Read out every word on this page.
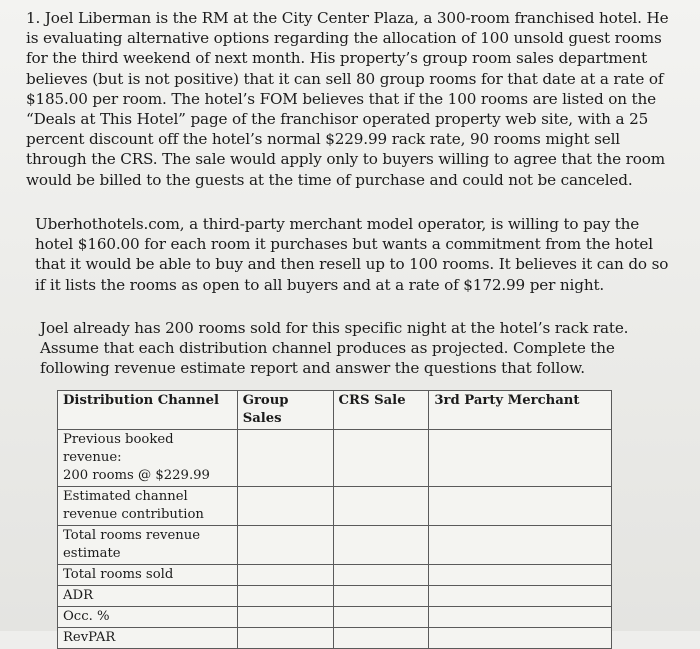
1. Joel Liberman is the RM at the City Center Plaza, a 300-room franchised hotel. He
is evaluating alternative options regarding the allocation of 100 unsold guest rooms
for the third weekend of next month. His property’s group room sales department
believes (but is not positive) that it can sell 80 group rooms for that date at a rate of
$185.00 per room. The hotel’s FOM believes that if the 100 rooms are listed on the
“Deals at This Hotel” page of the franchisor operated property web site, with a 25
percent discount off the hotel’s normal $229.99 rack rate, 90 rooms might sell
through the CRS. The sale would apply only to buyers willing to agree that the room
would be billed to the guests at the time of purchase and could not be canceled.
Uberhothotels.com, a third-party merchant model operator, is willing to pay the
hotel $160.00 for each room it purchases but wants a commitment from the hotel
that it would be able to buy and then resell up to 100 rooms. It believes it can do so
if it lists the rooms as open to all buyers and at a rate of $172.99 per night.
Joel already has 200 rooms sold for this specific night at the hotel’s rack rate.
Assume that each distribution channel produces as projected. Complete the
following revenue estimate report and answer the questions that follow.
Distribution Channel	Group Sales	CRS Sale	3rd Party Merchant

Previous booked revenue:
200 rooms @ $229.99			

Estimated channel
revenue contribution			

Total rooms revenue
estimate			

Total rooms sold			
ADR			
Occ. %			
RevPAR			
